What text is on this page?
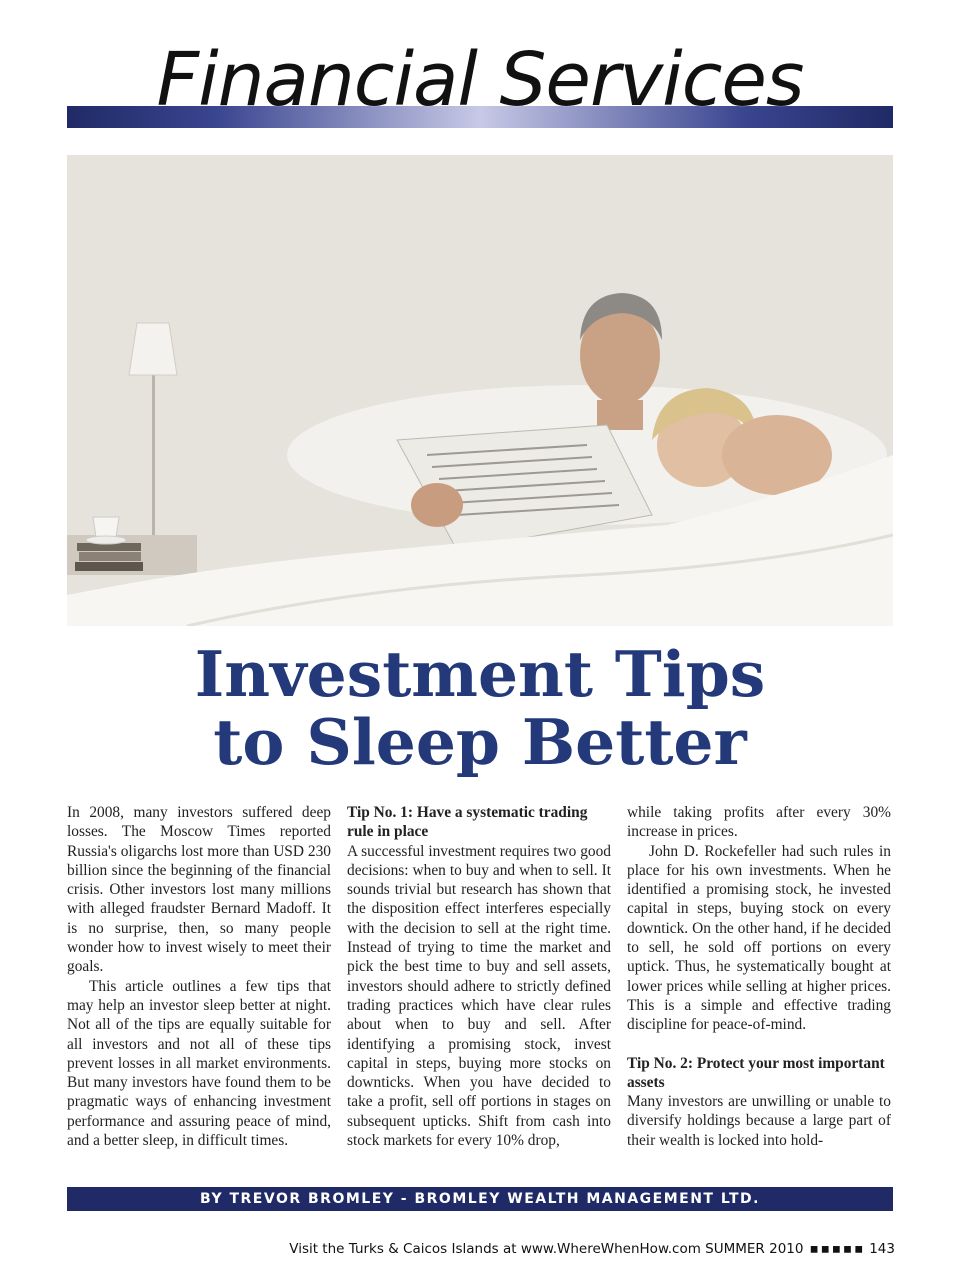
Financial Services
Investment Tips
to Sleep Better

In 2008, many investors suffered deep losses. The Moscow Times reported Russia's oligarchs lost more than USD 230 billion since the beginning of the financial crisis. Other investors lost many millions with alleged fraudster Bernard Madoff. It is no surprise, then, so many people wonder how to invest wisely to meet their goals.

This article outlines a few tips that may help an investor sleep better at night. Not all of the tips are equally suitable for all investors and not all of these tips prevent losses in all market environments. But many investors have found them to be pragmatic ways of enhancing investment performance and assuring peace of mind, and a better sleep, in difficult times.

Tip No. 1: Have a systematic trading rule in place

A successful investment requires two good decisions: when to buy and when to sell. It sounds trivial but research has shown that the disposition effect interferes especially with the decision to sell at the right time. Instead of trying to time the market and pick the best time to buy and sell assets, investors should adhere to strictly defined trading practices which have clear rules about when to buy and sell. After identifying a promising stock, invest capital in steps, buying more stocks on downticks. When you have decided to take a profit, sell off portions in stages on subsequent upticks. Shift from cash into stock markets for every 10% drop,

while taking profits after every 30% increase in prices.

John D. Rockefeller had such rules in place for his own investments. When he identified a promising stock, he invested capital in steps, buying stock on every downtick. On the other hand, if he decided to sell, he sold off portions on every uptick. Thus, he systematically bought at lower prices while selling at higher prices. This is a simple and effective trading discipline for peace-of-mind.

Tip No. 2: Protect your most important assets

Many investors are unwilling or unable to diversify holdings because a large part of their wealth is locked into hold-

BY TREVOR BROMLEY - BROMLEY WEALTH MANAGEMENT LTD.
Visit the Turks & Caicos Islands at www.WhereWhenHow.com SUMMER 2010 ▪▪▪▪▪ 143
